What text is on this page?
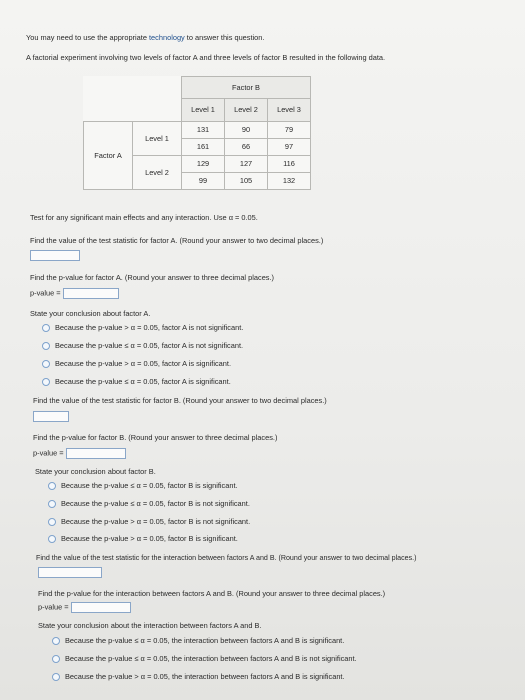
You may need to use the appropriate technology to answer this question.
A factorial experiment involving two levels of factor A and three levels of factor B resulted in the following data.
		Factor B		
		Level 1	Level 2	Level 3
Factor A	Level 1	131	90	79
		161	66	97
	Level 2	129	127	116
		99	105	132
Test for any significant main effects and any interaction. Use α = 0.05.
Find the value of the test statistic for factor A. (Round your answer to two decimal places.)
Find the p-value for factor A. (Round your answer to three decimal places.)
p-value =
State your conclusion about factor A.
Because the p-value > α = 0.05, factor A is not significant.
Because the p-value ≤ α = 0.05, factor A is not significant.
Because the p-value > α = 0.05, factor A is significant.
Because the p-value ≤ α = 0.05, factor A is significant.
Find the value of the test statistic for factor B. (Round your answer to two decimal places.)
Find the p-value for factor B. (Round your answer to three decimal places.)
p-value =
State your conclusion about factor B.
Because the p-value ≤ α = 0.05, factor B is significant.
Because the p-value ≤ α = 0.05, factor B is not significant.
Because the p-value > α = 0.05, factor B is not significant.
Because the p-value > α = 0.05, factor B is significant.
Find the value of the test statistic for the interaction between factors A and B. (Round your answer to two decimal places.)
Find the p-value for the interaction between factors A and B. (Round your answer to three decimal places.)
p-value =
State your conclusion about the interaction between factors A and B.
Because the p-value ≤ α = 0.05, the interaction between factors A and B is significant.
Because the p-value ≤ α = 0.05, the interaction between factors A and B is not significant.
Because the p-value > α = 0.05, the interaction between factors A and B is significant.
